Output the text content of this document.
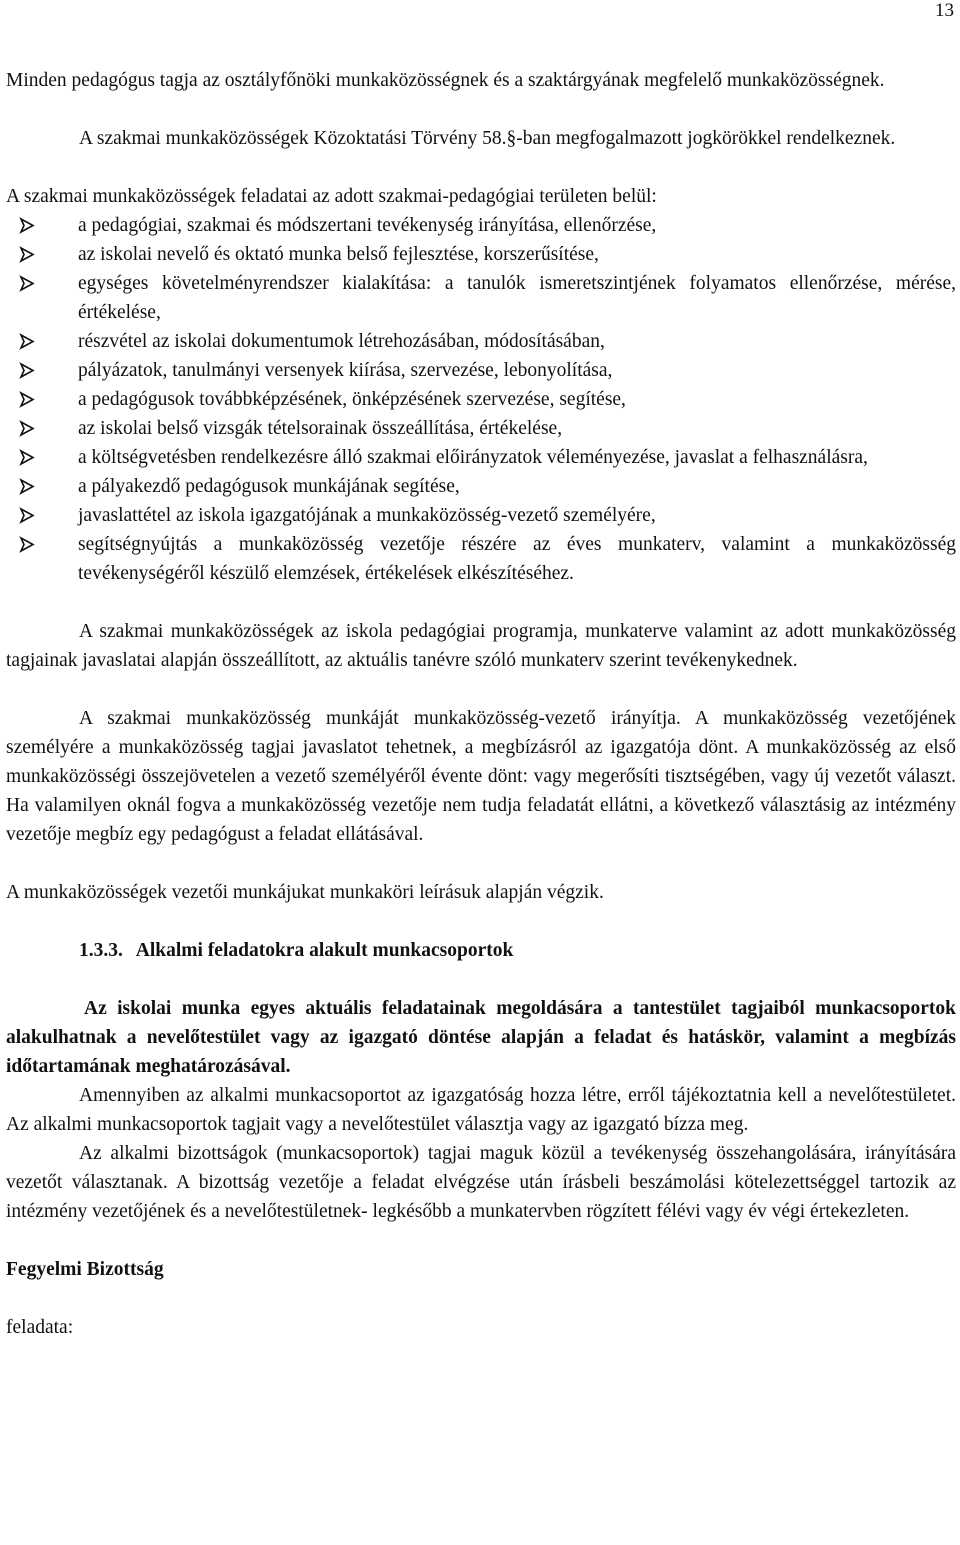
13

Minden pedagógus tagja az osztályfőnöki munkaközösségnek és a szaktárgyának megfelelő munkaközösségnek.

A szakmai munkaközösségek Közoktatási Törvény 58.§-ban megfogalmazott jogkörökkel rendelkeznek.

A szakmai munkaközösségek feladatai az adott szakmai-pedagógiai területen belül:

a pedagógiai, szakmai és módszertani tevékenység irányítása, ellenőrzése,
az iskolai nevelő és oktató munka belső fejlesztése, korszerűsítése,
egységes követelményrendszer kialakítása: a tanulók ismeretszintjének folyamatos ellenőrzése, mérése, értékelése,
részvétel az iskolai dokumentumok létrehozásában, módosításában,
pályázatok, tanulmányi versenyek kiírása, szervezése, lebonyolítása,
a pedagógusok továbbképzésének, önképzésének szervezése, segítése,
az iskolai belső vizsgák tételsorainak összeállítása, értékelése,
a költségvetésben rendelkezésre álló szakmai előirányzatok véleményezése, javaslat a felhasználásra,
a pályakezdő pedagógusok munkájának segítése,
javaslattétel az iskola igazgatójának a munkaközösség-vezető személyére,
segítségnyújtás a munkaközösség vezetője részére az éves munkaterv, valamint a munkaközösség tevékenységéről készülő elemzések, értékelések elkészítéséhez.

A szakmai munkaközösségek az iskola pedagógiai programja, munkaterve valamint az adott munkaközösség tagjainak javaslatai alapján összeállított, az aktuális tanévre szóló munkaterv szerint tevékenykednek.

A szakmai munkaközösség munkáját munkaközösség-vezető irányítja. A munkaközösség vezetőjének személyére a munkaközösség tagjai javaslatot tehetnek, a megbízásról az igazgatója dönt. A munkaközösség az első munkaközösségi összejövetelen a vezető személyéről évente dönt: vagy megerősíti tisztségében, vagy új vezetőt választ. Ha valamilyen oknál fogva a munkaközösség vezetője nem tudja feladatát ellátni, a következő választásig az intézmény vezetője megbíz egy pedagógust a feladat ellátásával.

A munkaközösségek vezetői munkájukat munkaköri leírásuk alapján végzik.

1.3.3. Alkalmi feladatokra alakult munkacsoportok

Az iskolai munka egyes aktuális feladatainak megoldására a tantestület tagjaiból munkacsoportok alakulhatnak a nevelőtestület vagy az igazgató döntése alapján a feladat és hatáskör, valamint a megbízás időtartamának meghatározásával.

Amennyiben az alkalmi munkacsoportot az igazgatóság hozza létre, erről tájékoztatnia kell a nevelőtestületet. Az alkalmi munkacsoportok tagjait vagy a nevelőtestület választja vagy az igazgató bízza meg.

Az alkalmi bizottságok (munkacsoportok) tagjai maguk közül a tevékenység összehangolására, irányítására vezetőt választanak. A bizottság vezetője a feladat elvégzése után írásbeli beszámolási kötelezettséggel tartozik az intézmény vezetőjének és a nevelőtestületnek- legkésőbb a munkatervben rögzített félévi vagy év végi értekezleten.

Fegyelmi Bizottság

feladata:
